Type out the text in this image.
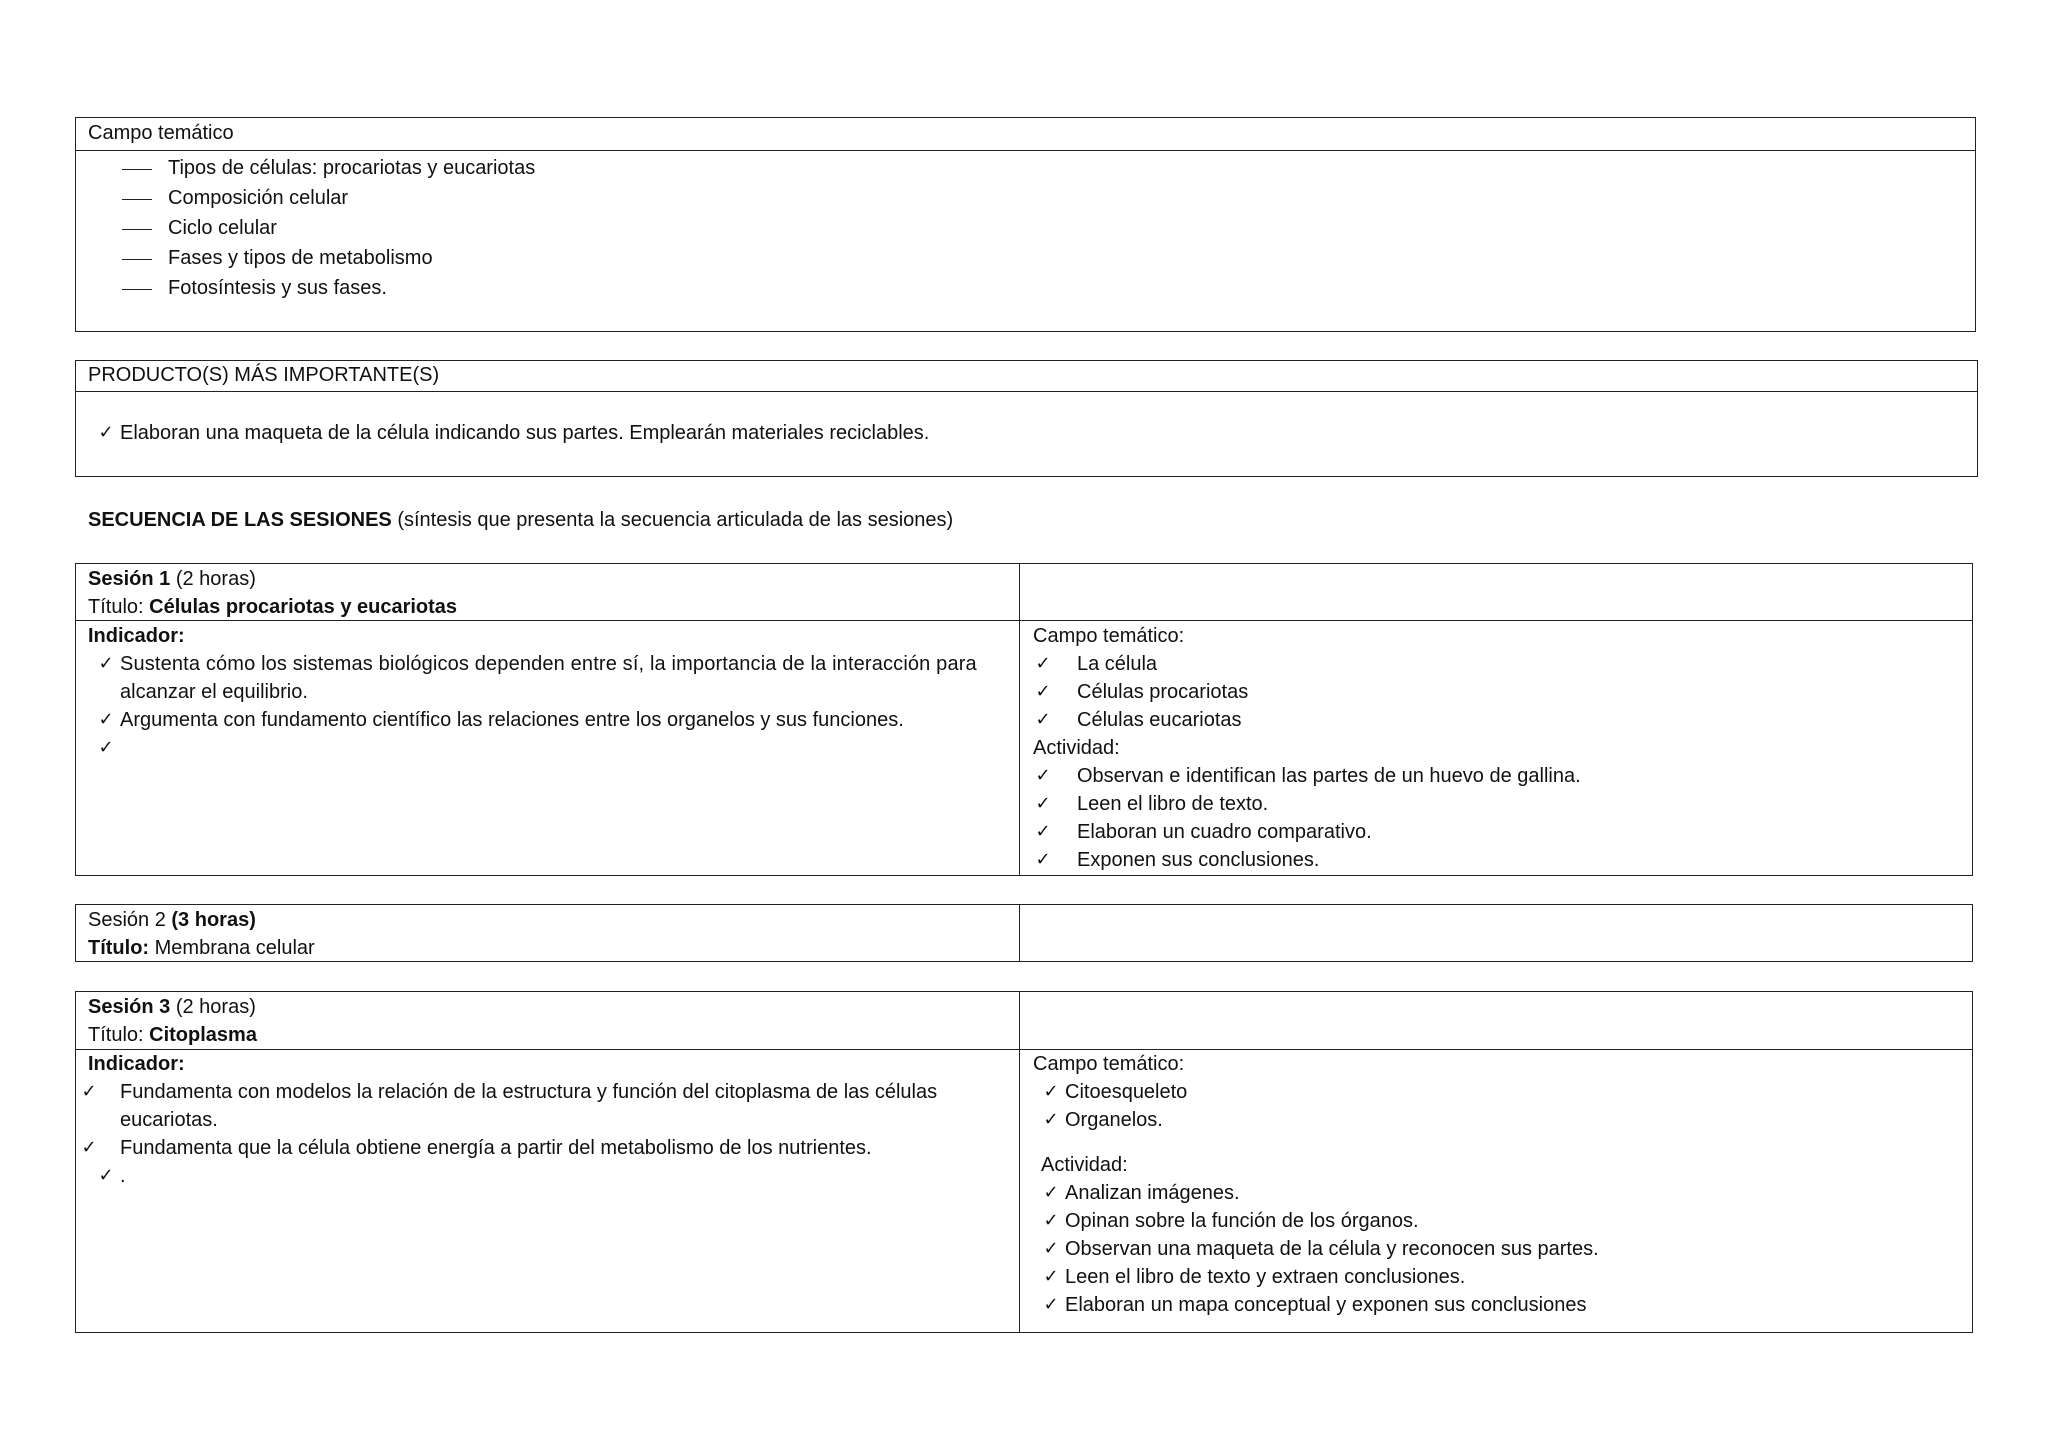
Campo temático
Tipos de células: procariotas y eucariotas
Composición celular
Ciclo celular
Fases y tipos de metabolismo
Fotosíntesis y sus fases.
PRODUCTO(S) MÁS IMPORTANTE(S)
✓ Elaboran una maqueta de la célula indicando sus partes. Emplearán materiales reciclables.
SECUENCIA DE LAS SESIONES (síntesis que presenta la secuencia articulada de las sesiones)
Sesión 1 (2 horas)
Título: Células procariotas y eucariotas
Indicador:
✓ Sustenta cómo los sistemas biológicos dependen entre sí, la importancia de la interacción para
alcanzar el equilibrio.
✓ Argumenta con fundamento científico las relaciones entre los organelos y sus funciones.
✓
Campo temático:
✓	La célula
✓	Células procariotas
✓	Células eucariotas
Actividad:
✓	Observan e identifican las partes de un huevo de gallina.
✓	Leen el libro de texto.
✓	Elaboran un cuadro comparativo.
✓	Exponen sus conclusiones.
Sesión 2 (3 horas)
Título: Membrana celular
Sesión 3 (2 horas)
Título: Citoplasma
Indicador:
✓	Fundamenta con modelos la relación de la estructura y función del citoplasma de las células
eucariotas.
✓	Fundamenta que la célula obtiene energía a partir del metabolismo de los nutrientes.
✓ .
Campo temático:
✓ Citoesqueleto
✓ Organelos.
Actividad:
✓ Analizan imágenes.
✓ Opinan sobre la función de los órganos.
✓ Observan una maqueta de la célula y reconocen sus partes.
✓ Leen el libro de texto y extraen conclusiones.
✓ Elaboran un mapa conceptual y exponen sus conclusiones
